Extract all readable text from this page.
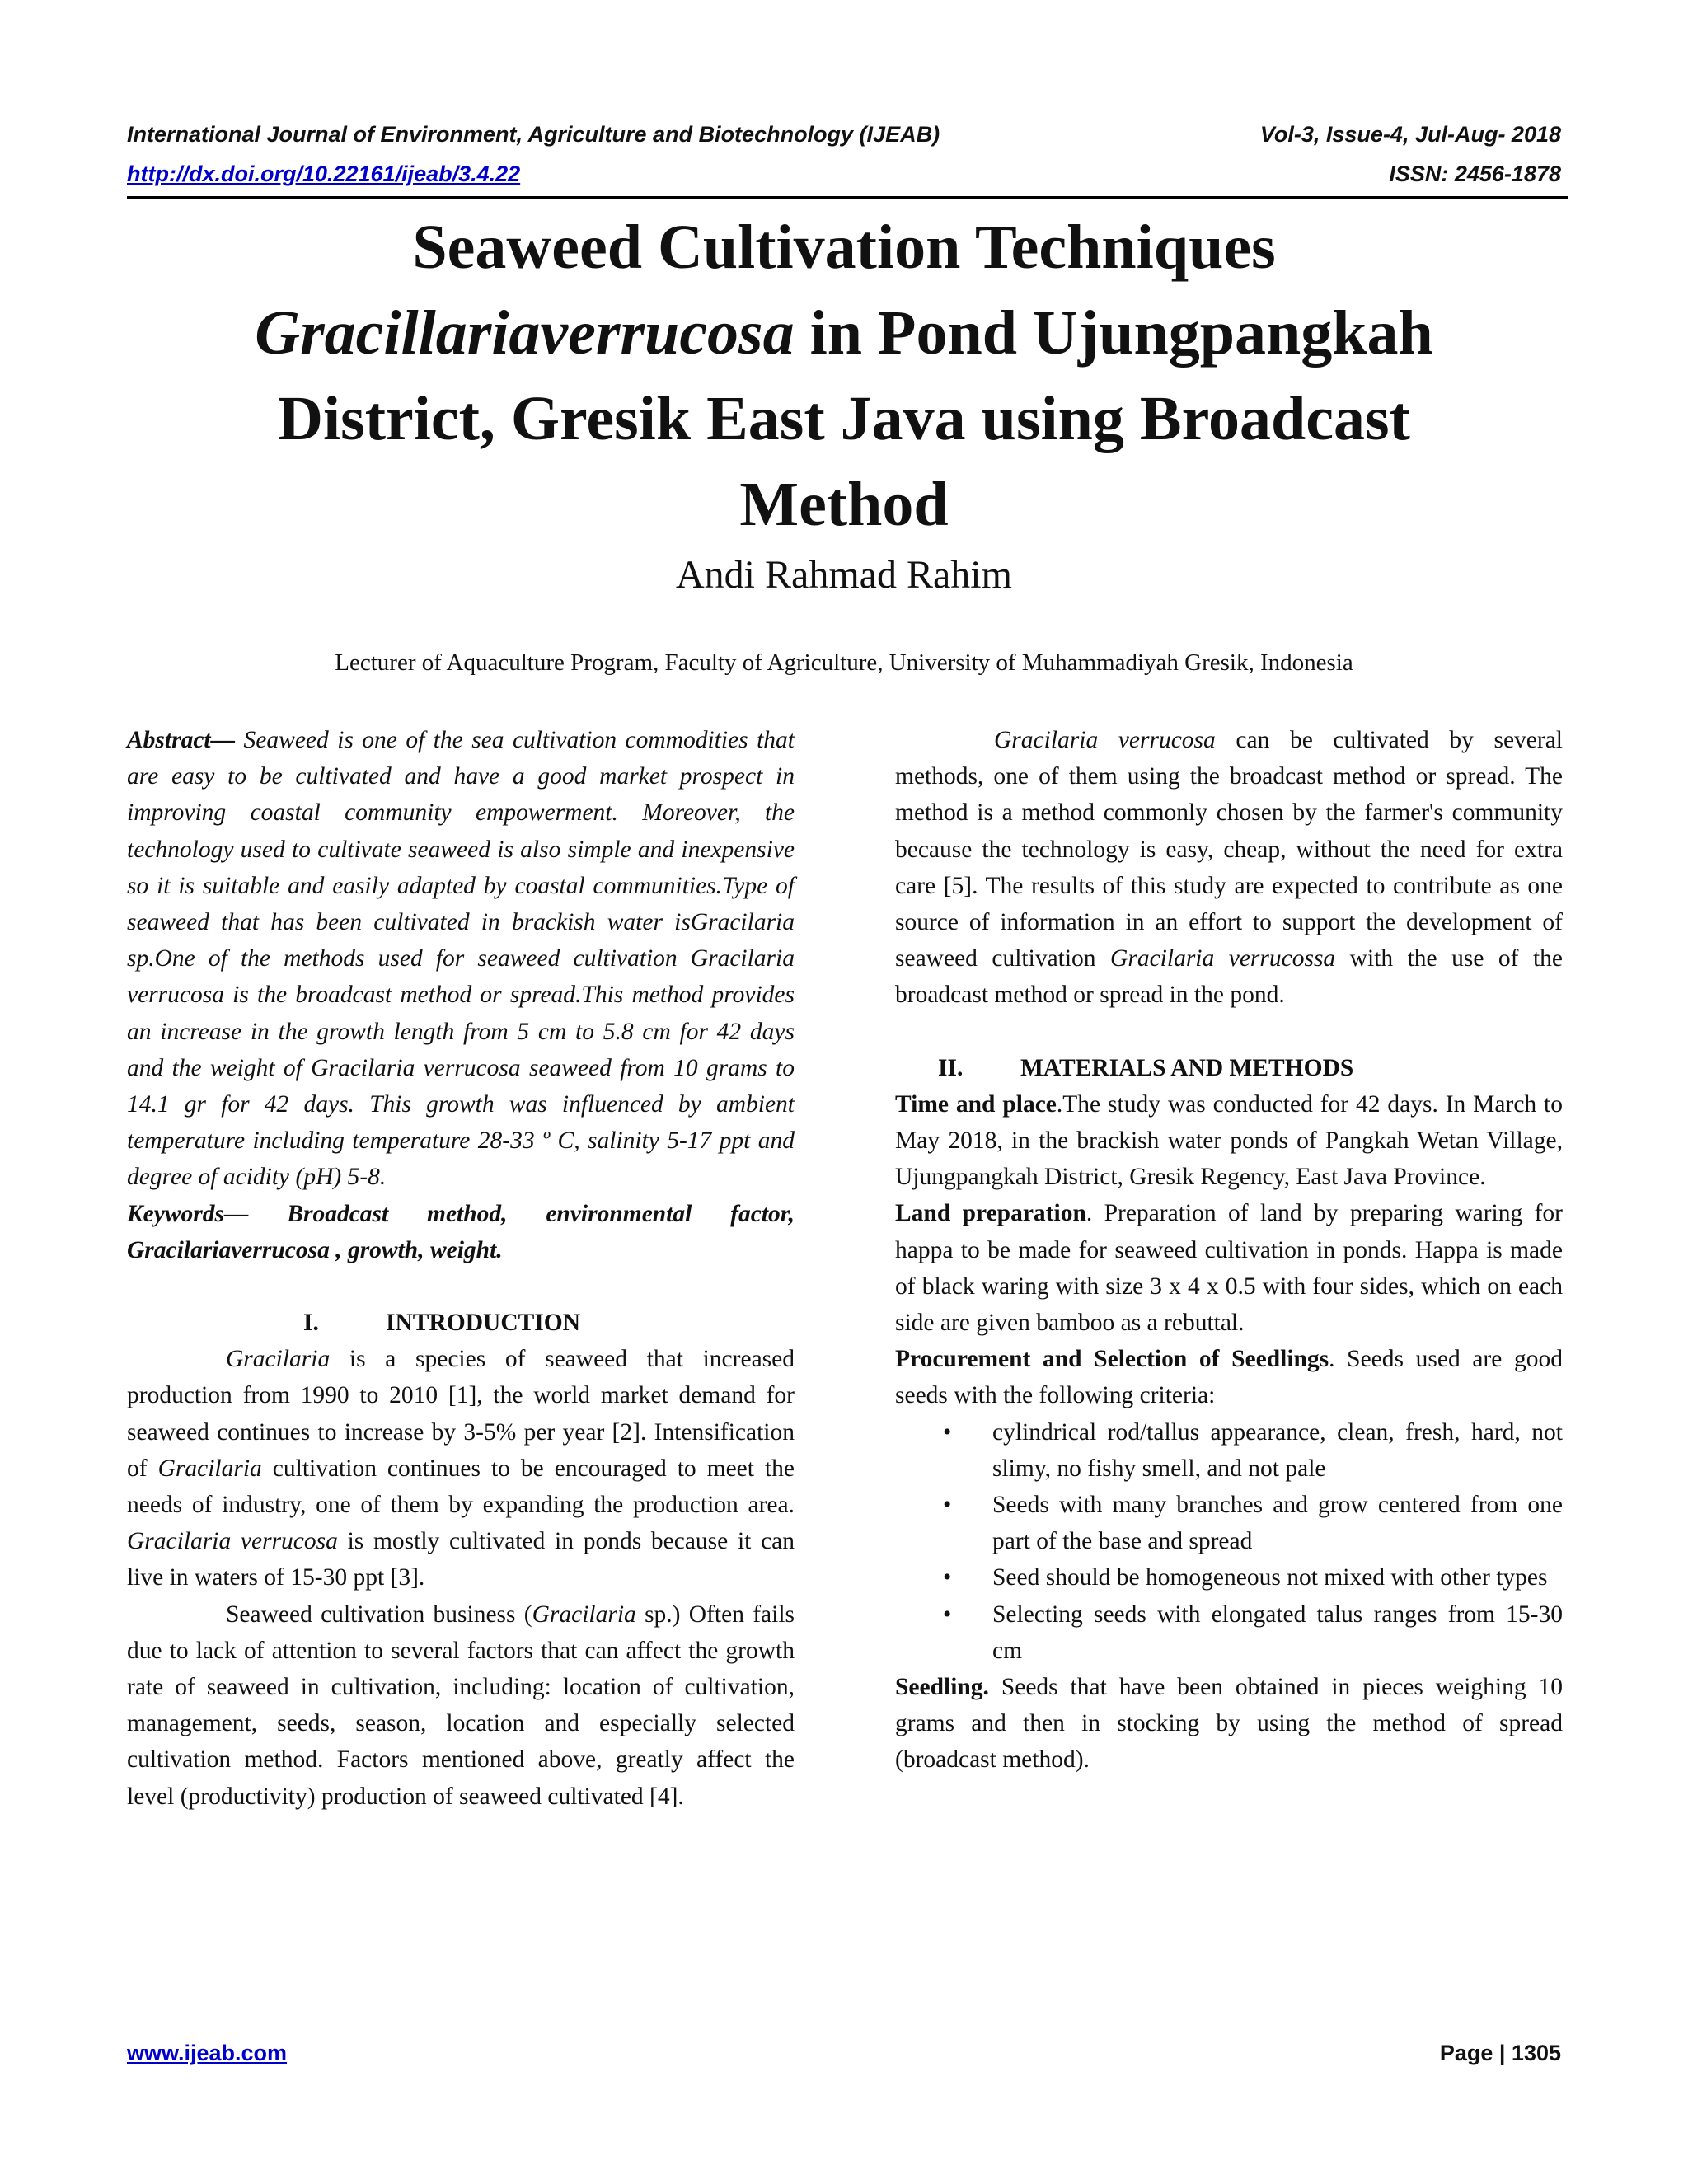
International Journal of Environment, Agriculture and Biotechnology (IJEAB)	Vol-3, Issue-4, Jul-Aug- 2018
http://dx.doi.org/10.22161/ijeab/3.4.22	ISSN: 2456-1878
Seaweed Cultivation Techniques
Gracillariaverrucosa in Pond Ujungpangkah
District, Gresik East Java using Broadcast
Method
Andi Rahmad Rahim
Lecturer of Aquaculture Program, Faculty of Agriculture, University of Muhammadiyah Gresik, Indonesia

Abstract— Seaweed is one of the sea cultivation commodities that are easy to be cultivated and have a good market prospect in improving coastal community empowerment. Moreover, the technology used to cultivate seaweed is also simple and inexpensive so it is suitable and easily adapted by coastal communities.Type of seaweed that has been cultivated in brackish water isGracilaria sp.One of the methods used for seaweed cultivation Gracilaria verrucosa is the broadcast method or spread.This method provides an increase in the growth length from 5 cm to 5.8 cm for 42 days and the weight of Gracilaria verrucosa seaweed from 10 grams to 14.1 gr for 42 days. This growth was influenced by ambient temperature including temperature 28-33 º C, salinity 5-17 ppt and degree of acidity (pH) 5-8.

Keywords— Broadcast method, environmental factor, Gracilariaverrucosa , growth, weight.

I.	INTRODUCTION

Gracilaria is a species of seaweed that increased production from 1990 to 2010 [1], the world market demand for seaweed continues to increase by 3-5% per year [2]. Intensification of Gracilaria cultivation continues to be encouraged to meet the needs of industry, one of them by expanding the production area. Gracilaria verrucosa is mostly cultivated in ponds because it can live in waters of 15-30 ppt [3].

Seaweed cultivation business (Gracilaria sp.) Often fails due to lack of attention to several factors that can affect the growth rate of seaweed in cultivation, including: location of cultivation, management, seeds, season, location and especially selected cultivation method. Factors mentioned above, greatly affect the level (productivity) production of seaweed cultivated [4].

Gracilaria verrucosa can be cultivated by several methods, one of them using the broadcast method or spread. The method is a method commonly chosen by the farmer's community because the technology is easy, cheap, without the need for extra care [5]. The results of this study are expected to contribute as one source of information in an effort to support the development of seaweed cultivation Gracilaria verrucossa with the use of the broadcast method or spread in the pond.

II. MATERIALS AND METHODS

Time and place.The study was conducted for 42 days. In March to May 2018, in the brackish water ponds of Pangkah Wetan Village, Ujungpangkah District, Gresik Regency, East Java Province.

Land preparation. Preparation of land by preparing waring for happa to be made for seaweed cultivation in ponds. Happa is made of black waring with size 3 x 4 x 0.5 with four sides, which on each side are given bamboo as a rebuttal.

Procurement and Selection of Seedlings. Seeds used are good seeds with the following criteria:

• cylindrical rod/tallus appearance, clean, fresh, hard, not slimy, no fishy smell, and not pale
• Seeds with many branches and grow centered from one part of the base and spread
• Seed should be homogeneous not mixed with other types
• Selecting seeds with elongated talus ranges from 15-30 cm

Seedling. Seeds that have been obtained in pieces weighing 10 grams and then in stocking by using the method of spread (broadcast method).

www.ijeab.com	Page | 1305
